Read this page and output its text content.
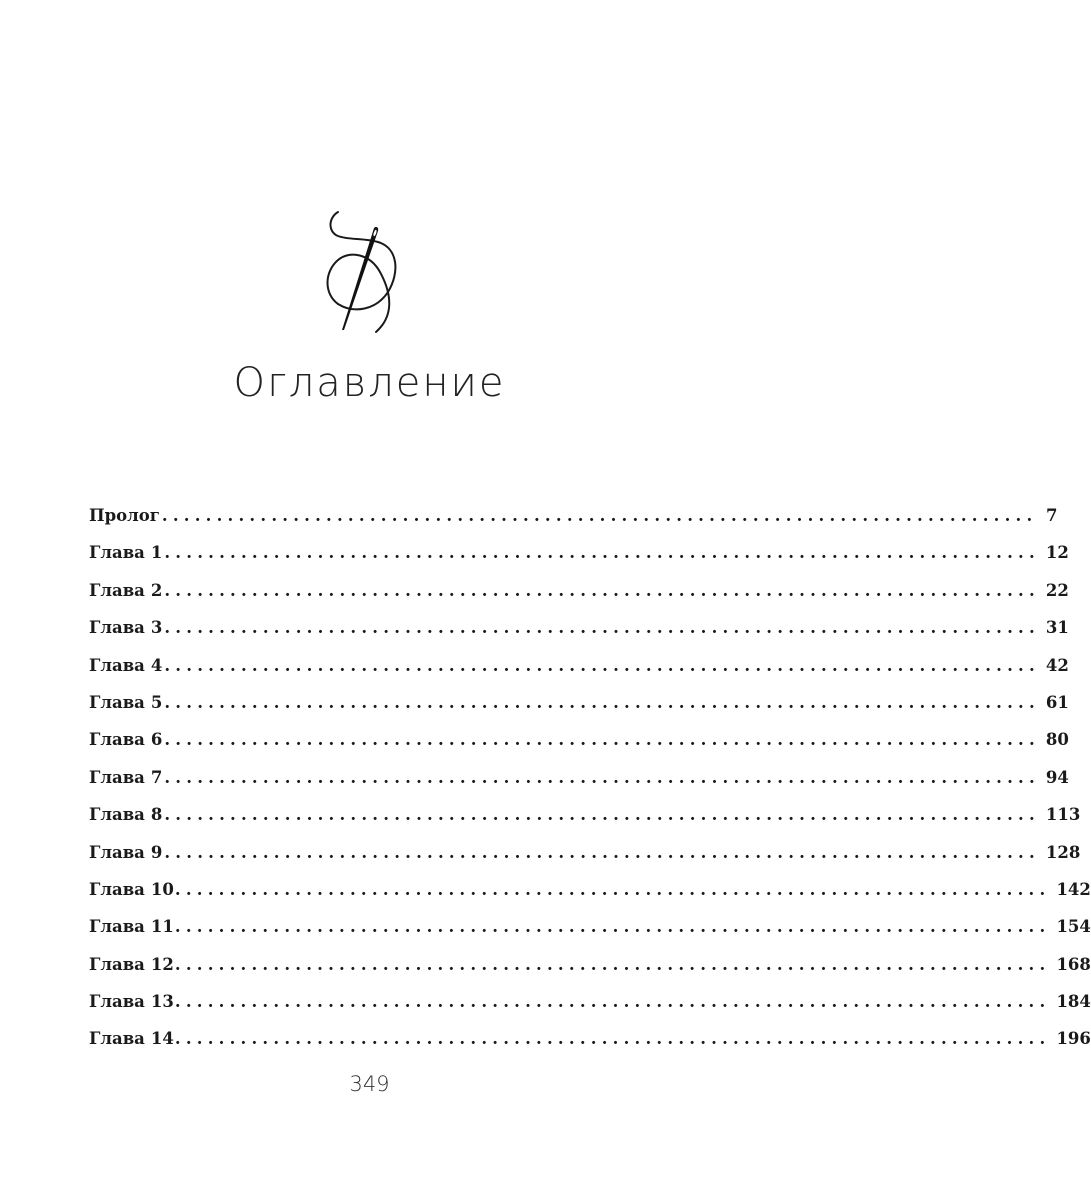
Оглавление
Пролог ................................................................................ 7
Глава 1 ................................................................................ 12
Глава 2 ................................................................................ 22
Глава 3 ................................................................................ 31
Глава 4 ................................................................................ 42
Глава 5 ................................................................................ 61
Глава 6 ................................................................................ 80
Глава 7 ................................................................................ 94
Глава 8 ................................................................................ 113
Глава 9 ................................................................................ 128
Глава 10 ................................................................................ 142
Глава 11 ................................................................................ 154
Глава 12 ................................................................................ 168
Глава 13 ................................................................................ 184
Глава 14 ................................................................................ 196
349
